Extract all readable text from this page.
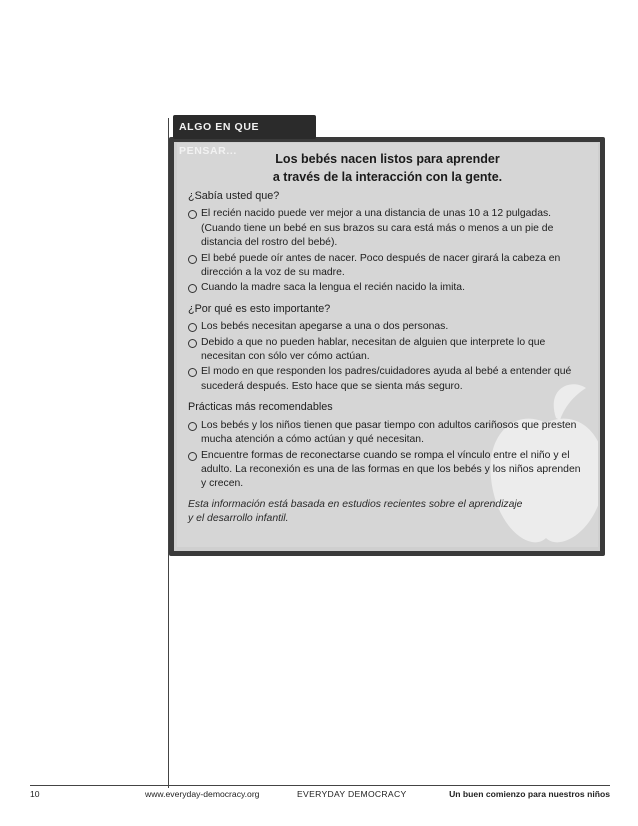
Los bebés nacen listos para aprender
a través de la interacción con la gente.
¿Sabía usted que?
El recién nacido puede ver mejor a una distancia de unas 10 a 12 pulgadas. (Cuando tiene un bebé en sus brazos su cara está más o menos a un pie de distancia del rostro del bebé).
El bebé puede oír antes de nacer. Poco después de nacer girará la cabeza en dirección a la voz de su madre.
Cuando la madre saca la lengua el recién nacido la imita.
¿Por qué es esto importante?
Los bebés necesitan apegarse a una o dos personas.
Debido a que no pueden hablar, necesitan de alguien que interprete lo que necesitan con sólo ver cómo actúan.
El modo en que responden los padres/cuidadores ayuda al bebé a entender qué sucederá después. Esto hace que se sienta más seguro.
Prácticas más recomendables
Los bebés y los niños tienen que pasar tiempo con adultos cariñosos que presten mucha atención a cómo actúan y qué necesitan.
Encuentre formas de reconectarse cuando se rompa el vínculo entre el niño y el adulto. La reconexión es una de las formas en que los bebés y los niños aprenden y crecen.
Esta información está basada en estudios recientes sobre el aprendizaje
y el desarrollo infantil.
ALGO EN QUE PENSAR...
10	www.everyday-democracy.org	EVERYDAY DEMOCRACY	Un buen comienzo para nuestros niños
